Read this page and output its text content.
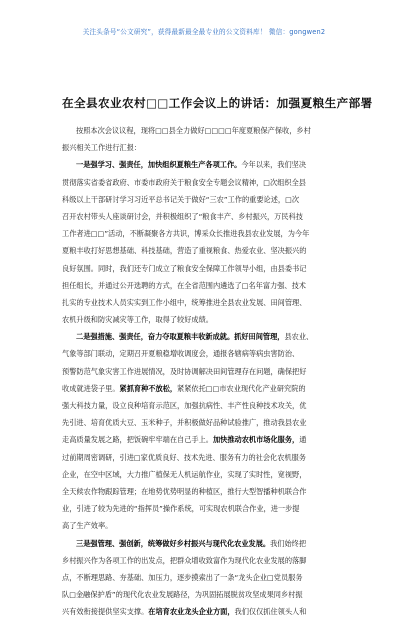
关注头条号“公文研究”，获得最新最全最专业的公文资料库！ 微信：gongwen2
在全县农业农村□□工作会议上的讲话：加强夏粮生产部署
按照本次会议议程，现将□□县全力做好□□□□年度夏粮保产保收，乡村
振兴相关工作进行汇报：
一是强学习、强责任，加快组织夏粮生产各项工作。今年以来，我们坚决
贯彻落实省委省政府、市委市政府关于粮食安全专题会议精神，□次组织全县
科级以上干部研讨学习习近平总书记关于做好“三农”工作的重要论述，□次
召开农村带头人座谈研讨会，并积极组织了“粮食丰产、乡村振兴，万民科技
工作者进□□”活动，不断凝聚各方共识，博采众长推进我县农业发展，为今年
夏粮丰收打好思想基础、科技基础，营造了重视粮食、热爱农业、坚决振兴的
良好氛围。同时，我们还专门成立了粮食安全保障工作领导小组，由县委书记
担任组长，并通过公开选聘的方式，在全省范围内遴选了□名年富力强、技术
扎实的专业技术人员实实到工作小组中，统筹推进全县农业发展、田间管理、
农机升级和防灾减灾等工作，取得了较好成绩。
二是强措施、强责任，奋力夺取夏粮丰收新成就。抓好田间管理，县农业、
气象等部门联动，定期召开夏粮稳增收调度会，通报各辖病等病虫害防治、
预警防范气象灾害工作进展情况，及时协调解决田间管理存在问题，确保把好
收成就进袋子里。紧抓育种不放松，紧紧依托□□市农业现代化产业研究院的
强大科技力量，设立良种培育示范区，加强抗病性、丰产性良种技术攻关，优
先引进、培育优质大豆、玉米种子，并积极做好品种试验推广，推动我县农业
走高质量发展之路，把饭碗牢牢端在自己手上。加快推动农机市场化服务，通
过前期周密调研，引进□家优质良好、技术先进、服务有力的社会化农机服务
企业，在空中区域，大力推广植保无人机运航作业，实现了实时性，宽视野，
全天候农作物跟踪管理；在地势优势明显的种植区，推行大型智播种机联合作
业，引进了较为先进的“指挥员”操作系统，可实现农机联合作业，进一步提
高了生产效率。
三是强管理、强创新，统筹做好乡村振兴与现代化农业发展。我们始终把
乡村振兴作为各项工作的出发点，把群众增收致富作为现代化农业发展的落脚
点，不断理思路、夯基础、加压力，逐步摸索出了一条“龙头企业□党员服务
队□金融保护盾”的现代化农业发展路径，为巩固拓展脱贫攻坚成果同乡村振
兴有效衔接提供坚实支撑。在培育农业龙头企业方面，我们仅仅抓住领头人和
